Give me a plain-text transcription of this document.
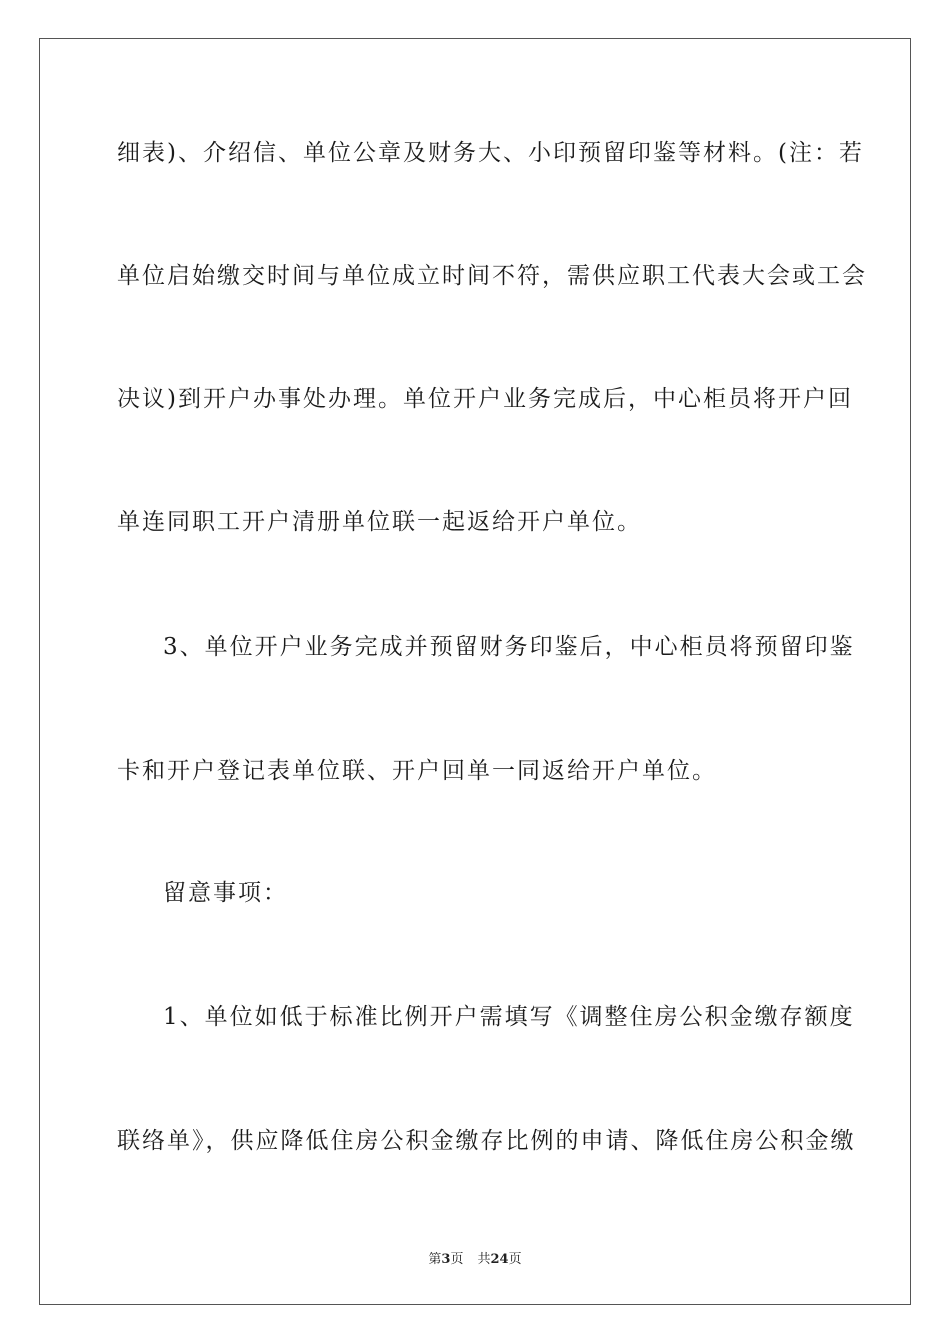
细表)、介绍信、单位公章及财务大、小印预留印鉴等材料。(注：若
单位启始缴交时间与单位成立时间不符，需供应职工代表大会或工会
决议)到开户办事处办理。单位开户业务完成后，中心柜员将开户回
单连同职工开户清册单位联一起返给开户单位。
3、单位开户业务完成并预留财务印鉴后，中心柜员将预留印鉴
卡和开户登记表单位联、开户回单一同返给开户单位。
留意事项：
1、单位如低于标准比例开户需填写《调整住房公积金缴存额度
联络单》，供应降低住房公积金缴存比例的申请、降低住房公积金缴
第3页 共24页
